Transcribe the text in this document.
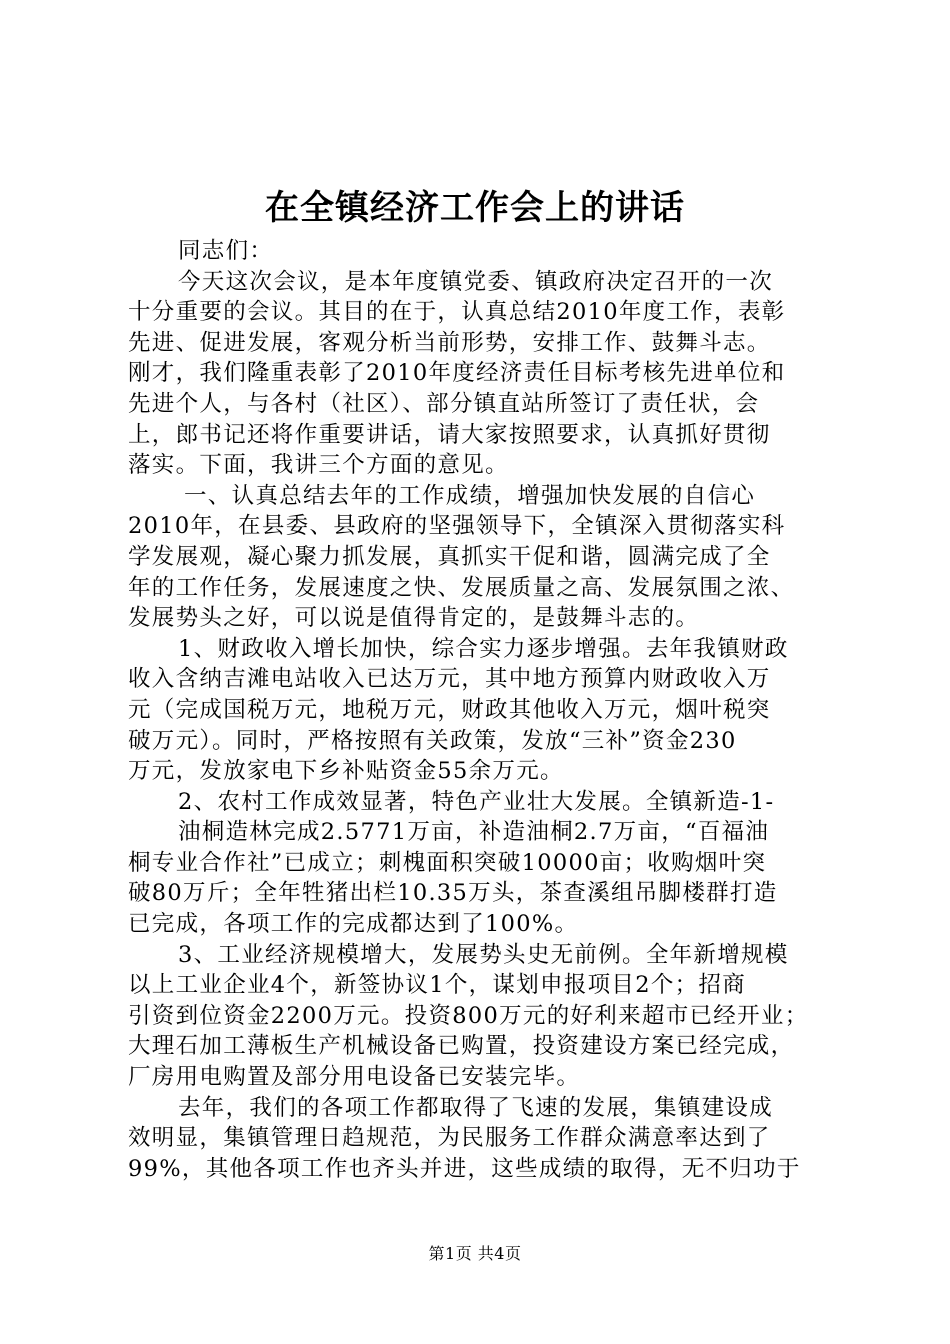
在全镇经济工作会上的讲话
同志们：
今天这次会议，是本年度镇党委、镇政府决定召开的一次
十分重要的会议。其目的在于，认真总结2010年度工作，表彰
先进、促进发展，客观分析当前形势，安排工作、鼓舞斗志。
刚才，我们隆重表彰了2010年度经济责任目标考核先进单位和
先进个人，与各村（社区）、部分镇直站所签订了责任状，会
上，郎书记还将作重要讲话，请大家按照要求，认真抓好贯彻
落实。下面，我讲三个方面的意见。
一、认真总结去年的工作成绩，增强加快发展的自信心
2010年，在县委、县政府的坚强领导下，全镇深入贯彻落实科
学发展观，凝心聚力抓发展，真抓实干促和谐，圆满完成了全
年的工作任务，发展速度之快、发展质量之高、发展氛围之浓、
发展势头之好，可以说是值得肯定的，是鼓舞斗志的。
1、财政收入增长加快，综合实力逐步增强。去年我镇财政
收入含纳吉滩电站收入已达万元，其中地方预算内财政收入万
元（完成国税万元，地税万元，财政其他收入万元，烟叶税突
破万元）。同时，严格按照有关政策，发放“三补”资金230
万元，发放家电下乡补贴资金55余万元。
2、农村工作成效显著，特色产业壮大发展。全镇新造-1-
油桐造林完成2.5771万亩，补造油桐2.7万亩，“百福油
桐专业合作社”已成立；刺槐面积突破10000亩；收购烟叶突
破80万斤；全年牲猪出栏10.35万头，茶查溪组吊脚楼群打造
已完成，各项工作的完成都达到了100%。
3、工业经济规模增大，发展势头史无前例。全年新增规模
以上工业企业4个，新签协议1个，谋划申报项目2个；招商
引资到位资金2200万元。投资800万元的好利来超市已经开业；
大理石加工薄板生产机械设备已购置，投资建设方案已经完成，
厂房用电购置及部分用电设备已安装完毕。
去年，我们的各项工作都取得了飞速的发展，集镇建设成
效明显，集镇管理日趋规范，为民服务工作群众满意率达到了
99%，其他各项工作也齐头并进，这些成绩的取得，无不归功于
第1页 共4页
